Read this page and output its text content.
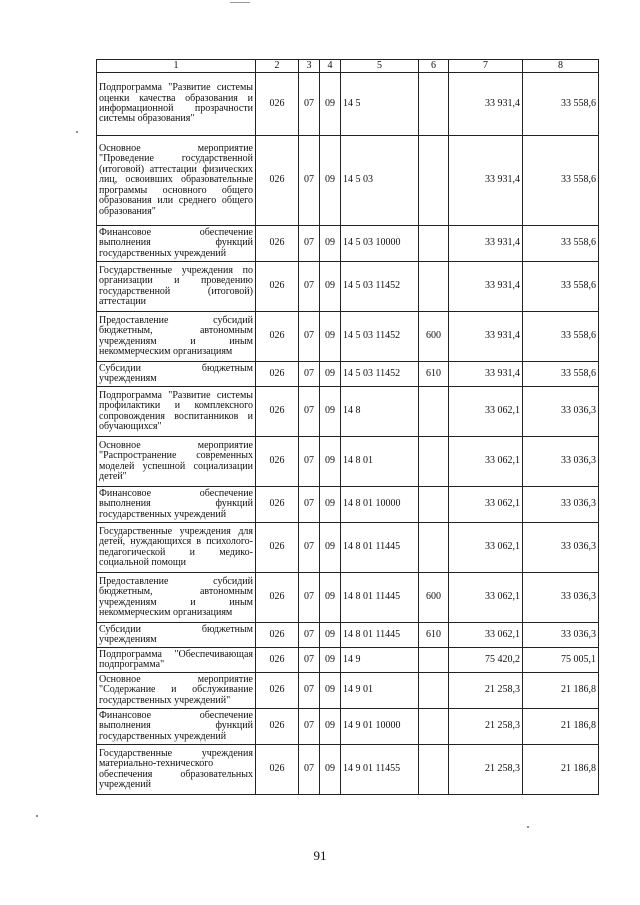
1	2	3	4	5	6	7	8
Подпрограмма "Развитие системы оценки качества образования и информационной прозрачности системы образования"	026	07	09	14 5		33 931,4	33 558,6
Основное мероприятие "Проведение государственной (итоговой) аттестации физических лиц, освоивших образовательные программы основного общего образования или среднего общего образования"	026	07	09	14 5 03		33 931,4	33 558,6
Финансовое обеспечение выполнения функций государственных учреждений	026	07	09	14 5 03 10000		33 931,4	33 558,6
Государственные учреждения по организации и проведению государственной (итоговой) аттестации	026	07	09	14 5 03 11452		33 931,4	33 558,6
Предоставление субсидий бюджетным, автономным учреждениям и иным некоммерческим организациям	026	07	09	14 5 03 11452	600	33 931,4	33 558,6
Субсидии бюджетным учреждениям	026	07	09	14 5 03 11452	610	33 931,4	33 558,6
Подпрограмма "Развитие системы профилактики и комплексного сопровождения воспитанников и обучающихся"	026	07	09	14 8		33 062,1	33 036,3
Основное мероприятие "Распространение современных моделей успешной социализации детей"	026	07	09	14 8 01		33 062,1	33 036,3
Финансовое обеспечение выполнения функций государственных учреждений	026	07	09	14 8 01 10000		33 062,1	33 036,3
Государственные учреждения для детей, нуждающихся в психолого-педагогической и медико-социальной помощи	026	07	09	14 8 01 11445		33 062,1	33 036,3
Предоставление субсидий бюджетным, автономным учреждениям и иным некоммерческим организациям	026	07	09	14 8 01 11445	600	33 062,1	33 036,3
Субсидии бюджетным учреждениям	026	07	09	14 8 01 11445	610	33 062,1	33 036,3
Подпрограмма "Обеспечивающая подпрограмма"	026	07	09	14 9		75 420,2	75 005,1
Основное мероприятие "Содержание и обслуживание государственных учреждений"	026	07	09	14 9 01		21 258,3	21 186,8
Финансовое обеспечение выполнения функций государственных учреждений	026	07	09	14 9 01 10000		21 258,3	21 186,8
Государственные учреждения материально-технического обеспечения образовательных учреждений	026	07	09	14 9 01 11455		21 258,3	21 186,8
91
